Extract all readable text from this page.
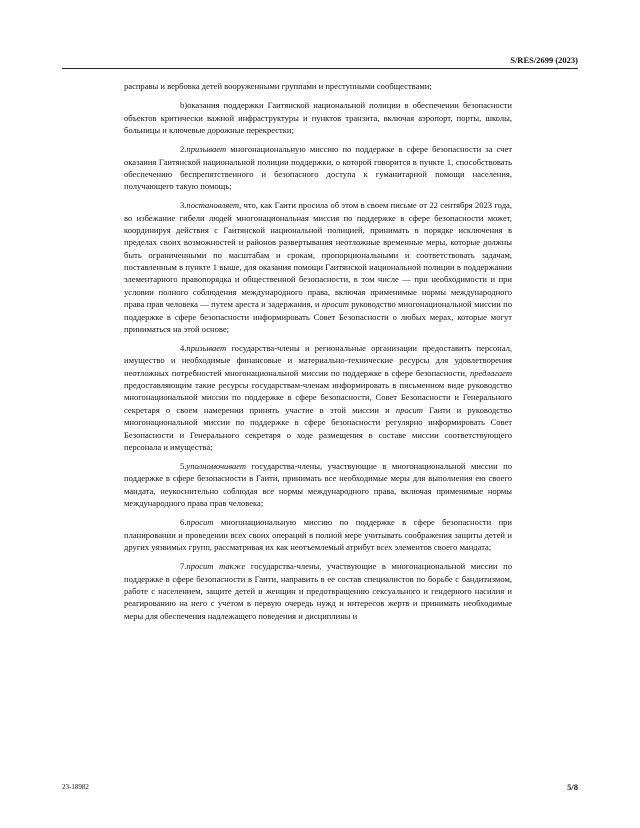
S/RES/2699 (2023)

расправы и вербовка детей вооруженными группами и преступными сообществами;

b)оказания поддержки Гаитянской национальной полиции в обеспечении безопасности объектов критически важной инфраструктуры и пунктов транзита, включая аэропорт, порты, школы, больницы и ключевые дорожные перекрестки;

2.призывает многонациональную миссию по поддержке в сфере безопасности за счет оказания Гаитянской национальной полиции поддержки, о которой говорится в пункте 1, способствовать обеспечению беспрепятственного и безопасного доступа к гуманитарной помощи населения, получающего такую помощь;

3.постановляет, что, как Гаити просила об этом в своем письме от 22 сентября 2023 года, во избежание гибели людей многонациональная миссия по поддержке в сфере безопасности может, координируя действия с Гаитянской национальной полицией, принимать в порядке исключения в пределах своих возможностей и районов развертывания неотложные временные меры, которые должны быть ограниченными по масштабам и срокам, пропорциональными и соответствовать задачам, поставленным в пункте 1 выше, для оказания помощи Гаитянской национальной полиции в поддержании элементарного правопорядка и общественной безопасности, в том числе — при необходимости и при условии полного соблюдения международного права, включая применимые нормы международного права прав человека — путем ареста и задержания, и просит руководство многонациональной миссии по поддержке в сфере безопасности информировать Совет Безопасности о любых мерах, которые могут приниматься на этой основе;

4.призывает государства-члены и региональные организации предоставить персонал, имущество и необходимые финансовые и материально-технические ресурсы для удовлетворения неотложных потребностей многонациональной миссии по поддержке в сфере безопасности, предлагает предоставляющим такие ресурсы государствам-членам информировать в письменном виде руководство многонациональной миссии по поддержке в сфере безопасности, Совет Безопасности и Генерального секретаря о своем намерении принять участие в этой миссии и просит Гаити и руководство многонациональной миссии по поддержке в сфере безопасности регулярно информировать Совет Безопасности и Генерального секретаря о ходе размещения в составе миссии соответствующего персонала и имущества;

5.уполномочивает государства-члены, участвующие в многонациональной миссии по поддержке в сфере безопасности в Гаити, принимать все необходимые меры для выполнения ею своего мандата, неукоснительно соблюдая все нормы международного права, включая применимые нормы международного права прав человека;

6.просит многонациональную миссию по поддержке в сфере безопасности при планировании и проведении всех своих операций в полной мере учитывать соображения защиты детей и других уязвимых групп, рассматривая их как неотъемлемый атрибут всех элементов своего мандата;

7.просит также государства-члены, участвующие в многонациональной миссии по поддержке в сфере безопасности в Гаити, направить в ее состав специалистов по борьбе с бандитизмом, работе с населением, защите детей и женщин и предотвращению сексуального и гендерного насилия и реагированию на него с учетом в первую очередь нужд и интересов жертв и принимать необходимые меры для обеспечения надлежащего поведения и дисциплины и

23-18982	5/8
